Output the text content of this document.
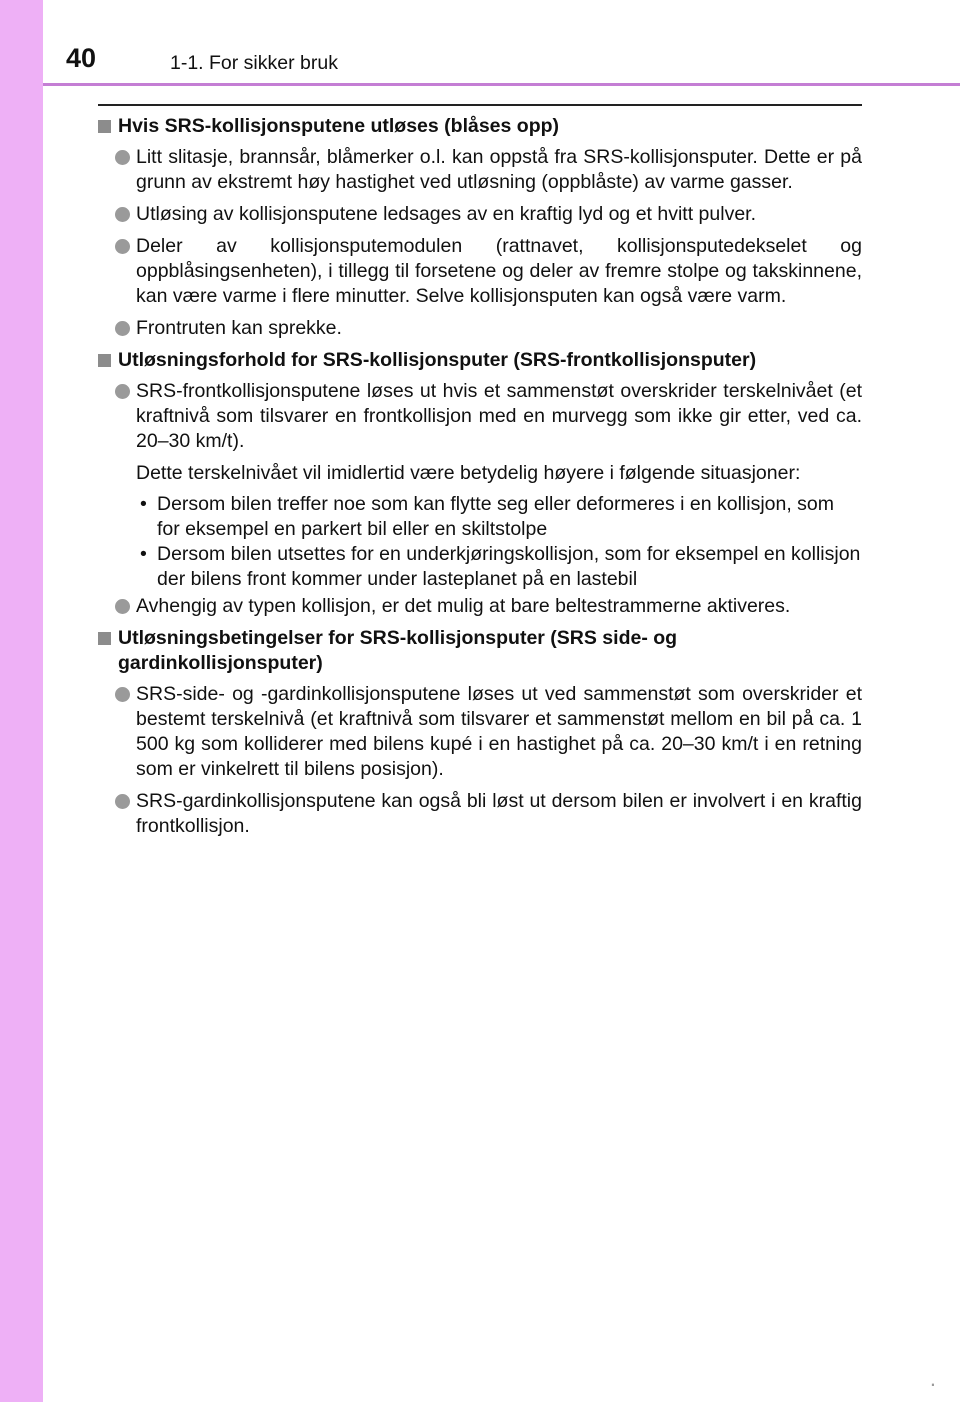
40	1-1. For sikker bruk
Hvis SRS-kollisjonsputene utløses (blåses opp)
Litt slitasje, brannsår, blåmerker o.l. kan oppstå fra SRS-kollisjonsputer. Dette er på grunn av ekstremt høy hastighet ved utløsning (oppblåste) av varme gasser.
Utløsing av kollisjonsputene ledsages av en kraftig lyd og et hvitt pulver.
Deler av kollisjonsputemodulen (rattnavet, kollisjonsputedekselet og oppblåsingsenheten), i tillegg til forsetene og deler av fremre stolpe og takskinnene, kan være varme i flere minutter. Selve kollisjonsputen kan også være varm.
Frontruten kan sprekke.
Utløsningsforhold for SRS-kollisjonsputer (SRS-frontkollisjonsputer)
SRS-frontkollisjonsputene løses ut hvis et sammenstøt overskrider terskelnivået (et kraftnivå som tilsvarer en frontkollisjon med en murvegg som ikke gir etter, ved ca. 20–30 km/t).
Dette terskelnivået vil imidlertid være betydelig høyere i følgende situasjoner:
• Dersom bilen treffer noe som kan flytte seg eller deformeres i en kollisjon, som for eksempel en parkert bil eller en skiltstolpe
• Dersom bilen utsettes for en underkjøringskollisjon, som for eksempel en kollisjon der bilens front kommer under lasteplanet på en lastebil
Avhengig av typen kollisjon, er det mulig at bare beltestrammerne aktiveres.
Utløsningsbetingelser for SRS-kollisjonsputer (SRS side- og gardinkollisjonsputer)
SRS-side- og -gardinkollisjonsputene løses ut ved sammenstøt som overskrider et bestemt terskelnivå (et kraftnivå som tilsvarer et sammenstøt mellom en bil på ca. 1 500 kg som kolliderer med bilens kupé i en hastighet på ca. 20–30 km/t i en retning som er vinkelrett til bilens posisjon).
SRS-gardinkollisjonsputene kan også bli løst ut dersom bilen er involvert i en kraftig frontkollisjon.
.
